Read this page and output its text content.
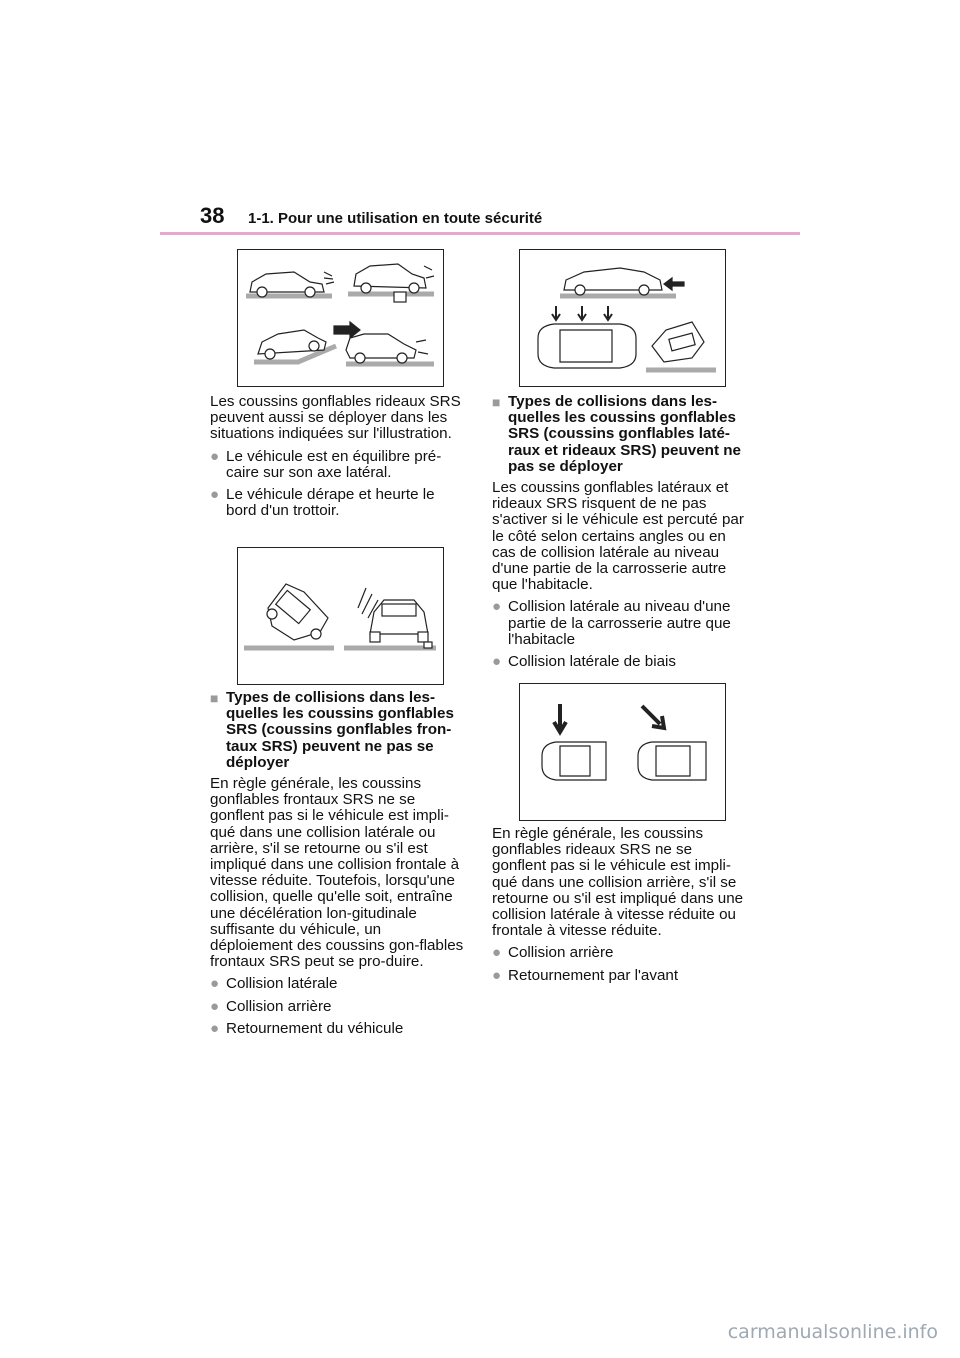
38 1-1. Pour une utilisation en toute sécurité

Les coussins gonflables rideaux SRS peuvent aussi se déployer dans les situations indiquées sur l'illustration.

● Le véhicule est en équilibre pré-caire sur son axe latéral.
● Le véhicule dérape et heurte le bord d'un trottoir.
■ Types de collisions dans les-quelles les coussins gonflables SRS (coussins gonflables fron-taux SRS) peuvent ne pas se déployer

En règle générale, les coussins gonflables frontaux SRS ne se gonflent pas si le véhicule est impli-qué dans une collision latérale ou arrière, s'il se retourne ou s'il est impliqué dans une collision frontale à vitesse réduite. Toutefois, lorsqu'une collision, quelle qu'elle soit, entraîne une décélération lon-gitudinale suffisante du véhicule, un déploiement des coussins gon-flables frontaux SRS peut se pro-duire.

● Collision latérale
● Collision arrière
● Retournement du véhicule
■ Types de collisions dans les-quelles les coussins gonflables SRS (coussins gonflables laté-raux et rideaux SRS) peuvent ne pas se déployer

Les coussins gonflables latéraux et rideaux SRS risquent de ne pas s'activer si le véhicule est percuté par le côté selon certains angles ou en cas de collision latérale au niveau d'une partie de la carrosserie autre que l'habitacle.

● Collision latérale au niveau d'une partie de la carrosserie autre que l'habitacle
● Collision latérale de biais

En règle générale, les coussins gonflables rideaux SRS ne se gonflent pas si le véhicule est impli-qué dans une collision arrière, s'il se retourne ou s'il est impliqué dans une collision latérale à vitesse réduite ou frontale à vitesse réduite.

● Collision arrière
● Retournement par l'avant
carmanualsonline.info
